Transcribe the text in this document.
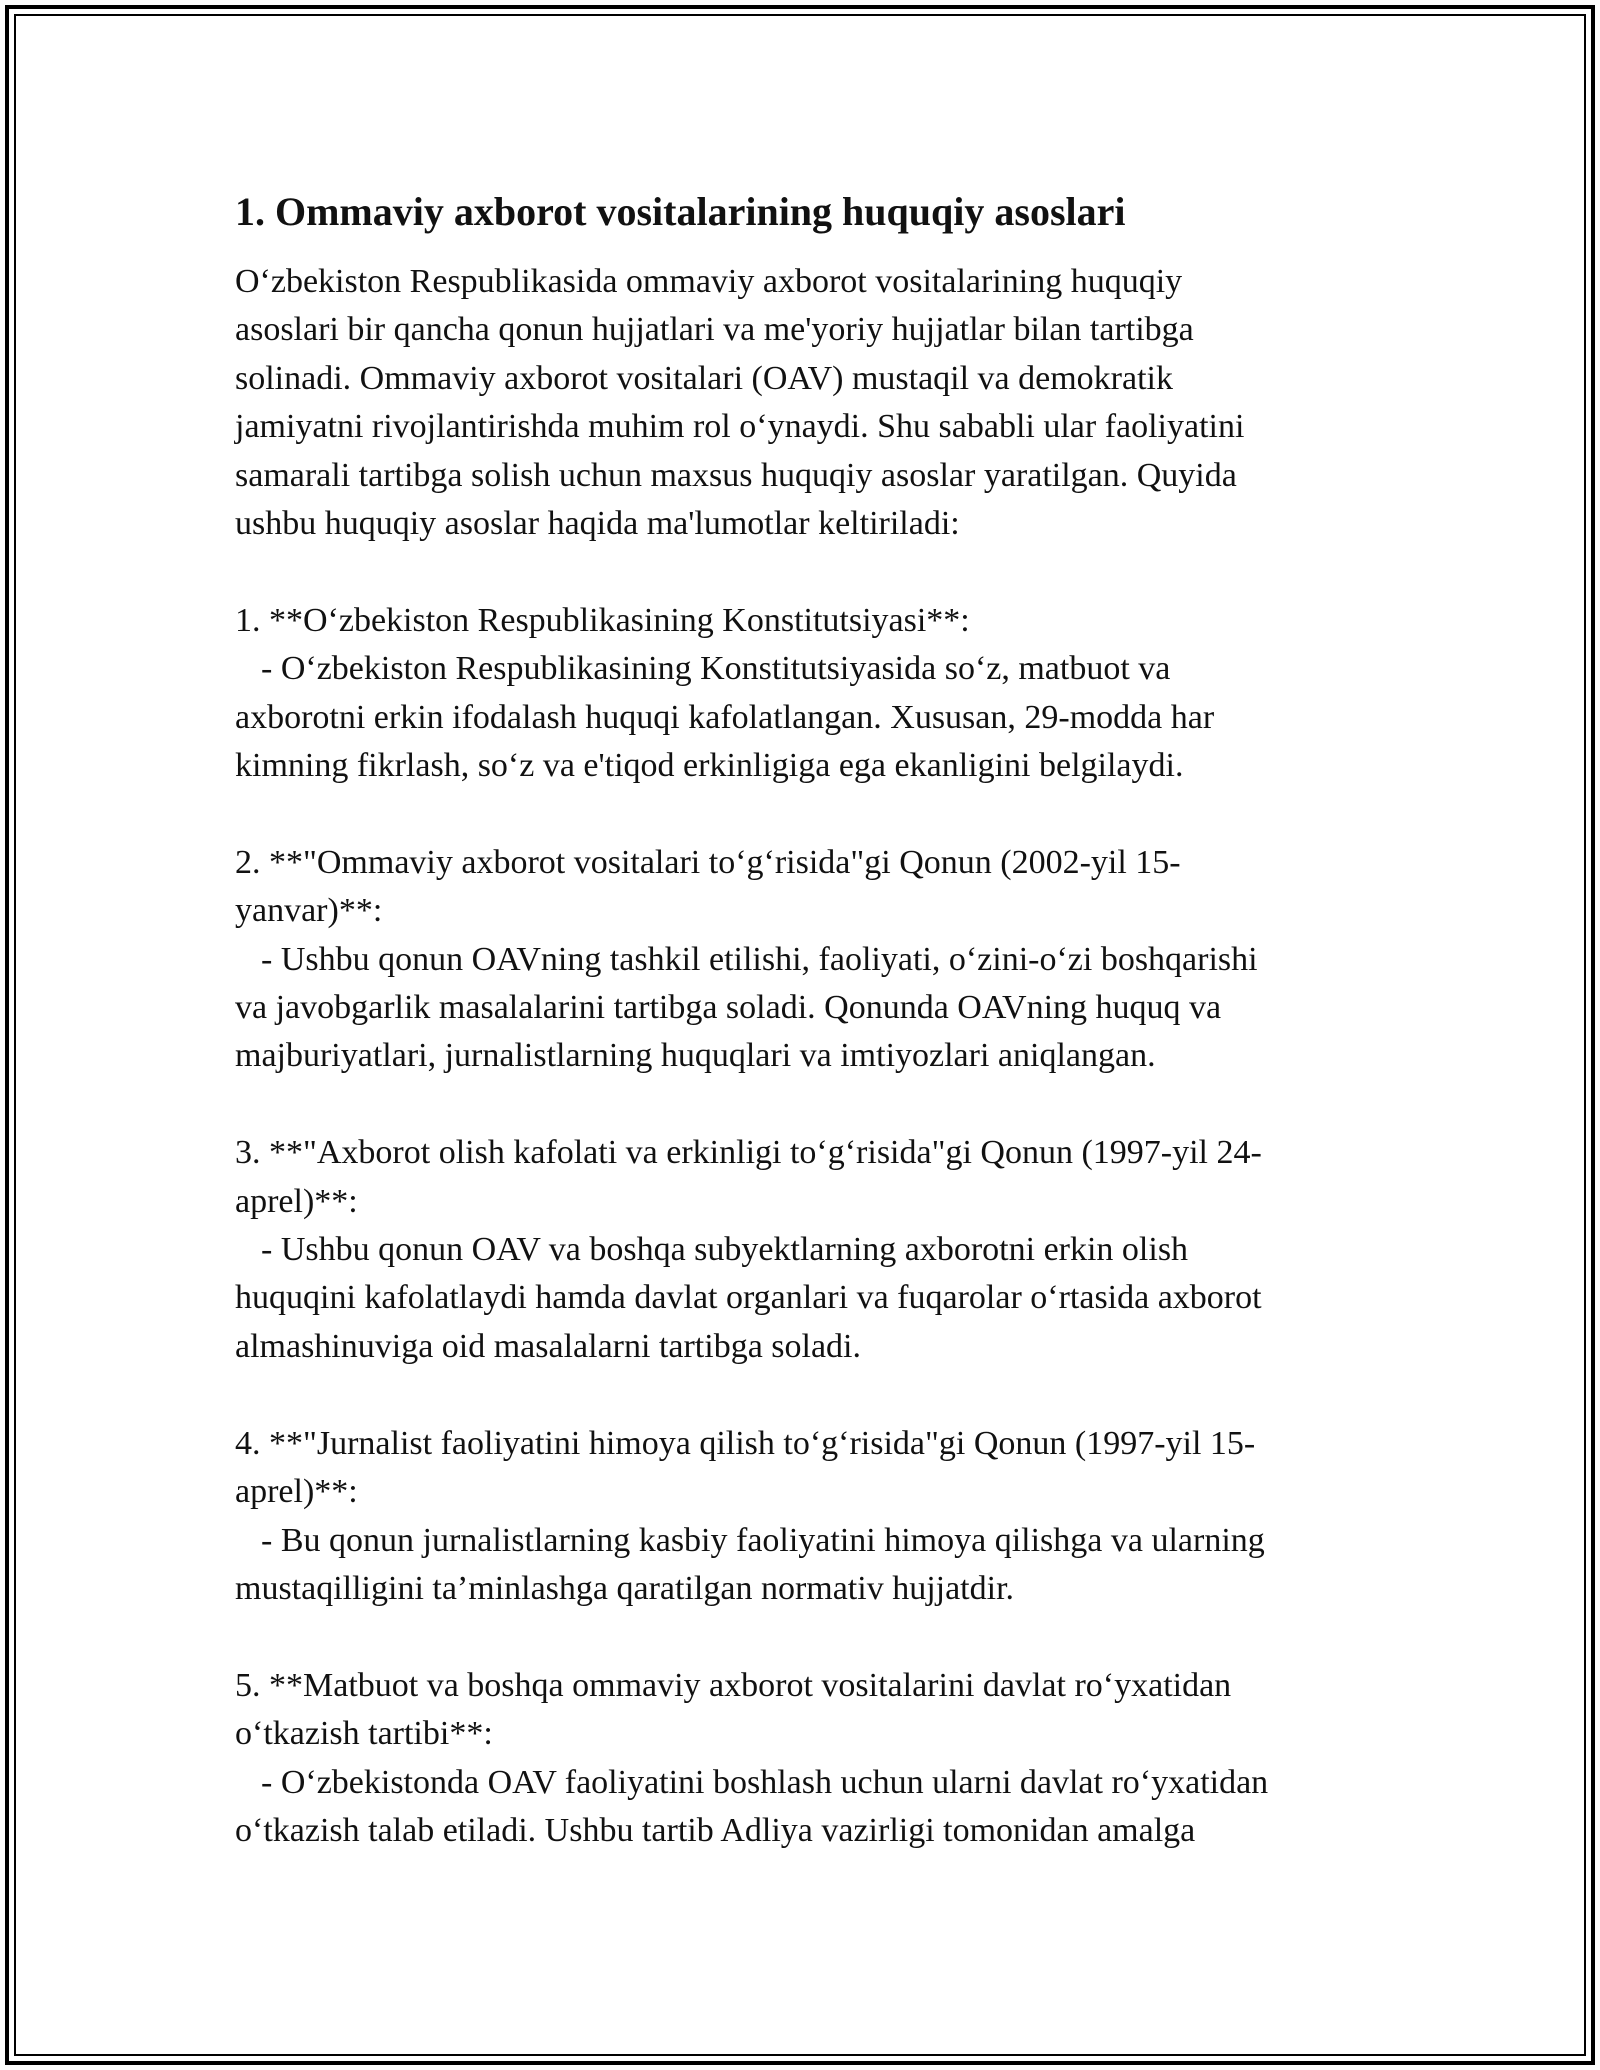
1. Ommaviy axborot vositalarining huquqiy asoslari
O‘zbekiston Respublikasida ommaviy axborot vositalarining huquqiy
asoslari bir qancha qonun hujjatlari va me'yoriy hujjatlar bilan tartibga
solinadi. Ommaviy axborot vositalari (OAV) mustaqil va demokratik
jamiyatni rivojlantirishda muhim rol o‘ynaydi. Shu sababli ular faoliyatini
samarali tartibga solish uchun maxsus huquqiy asoslar yaratilgan. Quyida
ushbu huquqiy asoslar haqida ma'lumotlar keltiriladi:
1. **O‘zbekiston Respublikasining Konstitutsiyasi**:
- O‘zbekiston Respublikasining Konstitutsiyasida so‘z, matbuot va
axborotni erkin ifodalash huquqi kafolatlangan. Xususan, 29-modda har
kimning fikrlash, so‘z va e'tiqod erkinligiga ega ekanligini belgilaydi.
2. **"Ommaviy axborot vositalari to‘g‘risida"gi Qonun (2002-yil 15-
yanvar)**:
- Ushbu qonun OAVning tashkil etilishi, faoliyati, o‘zini-o‘zi boshqarishi
va javobgarlik masalalarini tartibga soladi. Qonunda OAVning huquq va
majburiyatlari, jurnalistlarning huquqlari va imtiyozlari aniqlangan.
3. **"Axborot olish kafolati va erkinligi to‘g‘risida"gi Qonun (1997-yil 24-
aprel)**:
- Ushbu qonun OAV va boshqa subyektlarning axborotni erkin olish
huquqini kafolatlaydi hamda davlat organlari va fuqarolar o‘rtasida axborot
almashinuviga oid masalalarni tartibga soladi.
4. **"Jurnalist faoliyatini himoya qilish to‘g‘risida"gi Qonun (1997-yil 15-
aprel)**:
- Bu qonun jurnalistlarning kasbiy faoliyatini himoya qilishga va ularning
mustaqilligini ta’minlashga qaratilgan normativ hujjatdir.
5. **Matbuot va boshqa ommaviy axborot vositalarini davlat ro‘yxatidan
o‘tkazish tartibi**:
- O‘zbekistonda OAV faoliyatini boshlash uchun ularni davlat ro‘yxatidan
o‘tkazish talab etiladi. Ushbu tartib Adliya vazirligi tomonidan amalga
